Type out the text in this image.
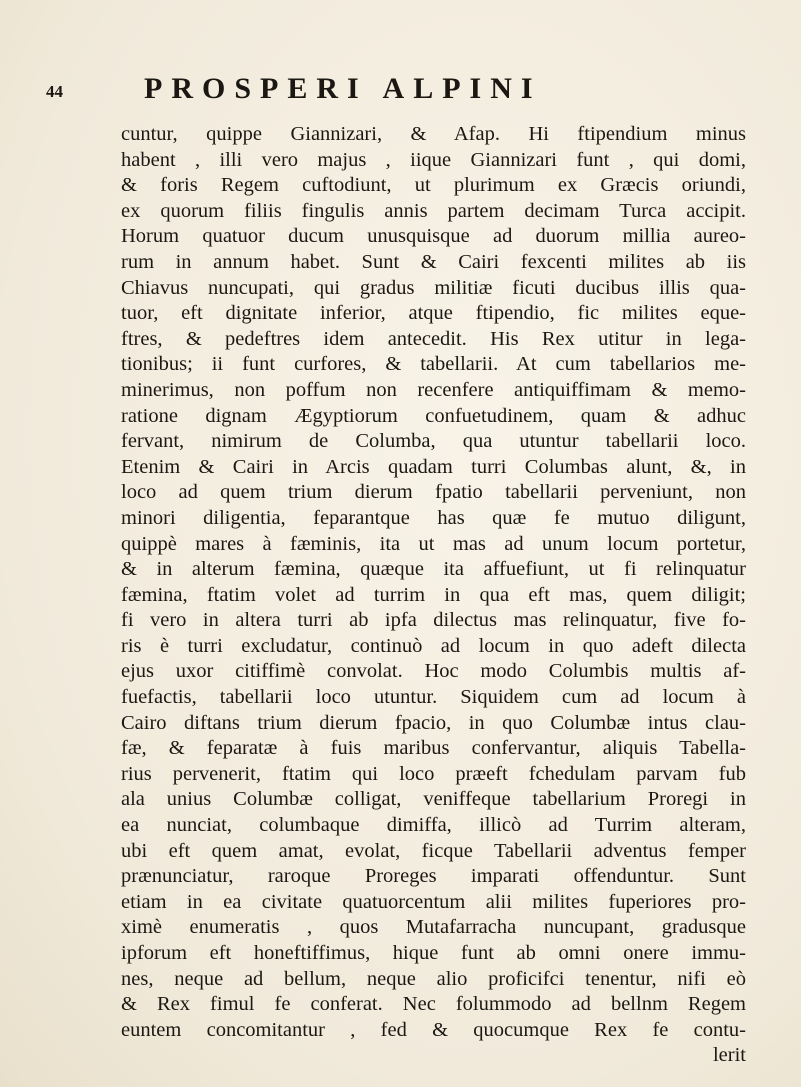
44	PROSPERI ALPINI
cuntur, quippe Giannizari, & Afap. Hi ftipendium minus
habent , illi vero majus , iique Giannizari funt , qui domi,
& foris Regem cuftodiunt, ut plurimum ex Græcis oriundi,
ex quorum filiis fingulis annis partem decimam Turca accipit.
Horum quatuor ducum unusquisque ad duorum millia aureo-
rum in annum habet. Sunt & Cairi fexcenti milites ab iis
Chiavus nuncupati, qui gradus militiæ ficuti ducibus illis qua-
tuor, eft dignitate inferior, atque ftipendio, fic milites eque-
ftres, & pedeftres idem antecedit. His Rex utitur in lega-
tionibus; ii funt curfores, & tabellarii. At cum tabellarios me-
minerimus, non poffum non recenfere antiquiffimam & memo-
ratione dignam Ægyptiorum confuetudinem, quam & adhuc
fervant, nimirum de Columba, qua utuntur tabellarii loco.
Etenim & Cairi in Arcis quadam turri Columbas alunt, &, in
loco ad quem trium dierum fpatio tabellarii perveniunt, non
minori diligentia, feparantque has quæ fe mutuo diligunt,
quippè mares à fæminis, ita ut mas ad unum locum portetur,
& in alterum fæmina, quæque ita affuefiunt, ut fi relinquatur
fæmina, ftatim volet ad turrim in qua eft mas, quem diligit;
fi vero in altera turri ab ipfa dilectus mas relinquatur, five fo-
ris è turri excludatur, continuò ad locum in quo adeft dilecta
ejus uxor citiffimè convolat. Hoc modo Columbis multis af-
fuefactis, tabellarii loco utuntur. Siquidem cum ad locum à
Cairo diftans trium dierum fpacio, in quo Columbæ intus clau-
fæ, & feparatæ à fuis maribus confervantur, aliquis Tabella-
rius pervenerit, ftatim qui loco præeft fchedulam parvam fub
ala unius Columbæ colligat, veniffeque tabellarium Proregi in
ea nunciat, columbaque dimiffa, illicò ad Turrim alteram,
ubi eft quem amat, evolat, ficque Tabellarii adventus femper
prænunciatur, raroque Proreges imparati offenduntur. Sunt
etiam in ea civitate quatuorcentum alii milites fuperiores pro-
ximè enumeratis , quos Mutafarracha nuncupant, gradusque
ipforum eft honeftiffimus, hique funt ab omni onere immu-
nes, neque ad bellum, neque alio proficifci tenentur, nifi eò
& Rex fimul fe conferat. Nec folummodo ad bellnm Regem
euntem concomitantur , fed & quocumque Rex fe contu-
lerit
